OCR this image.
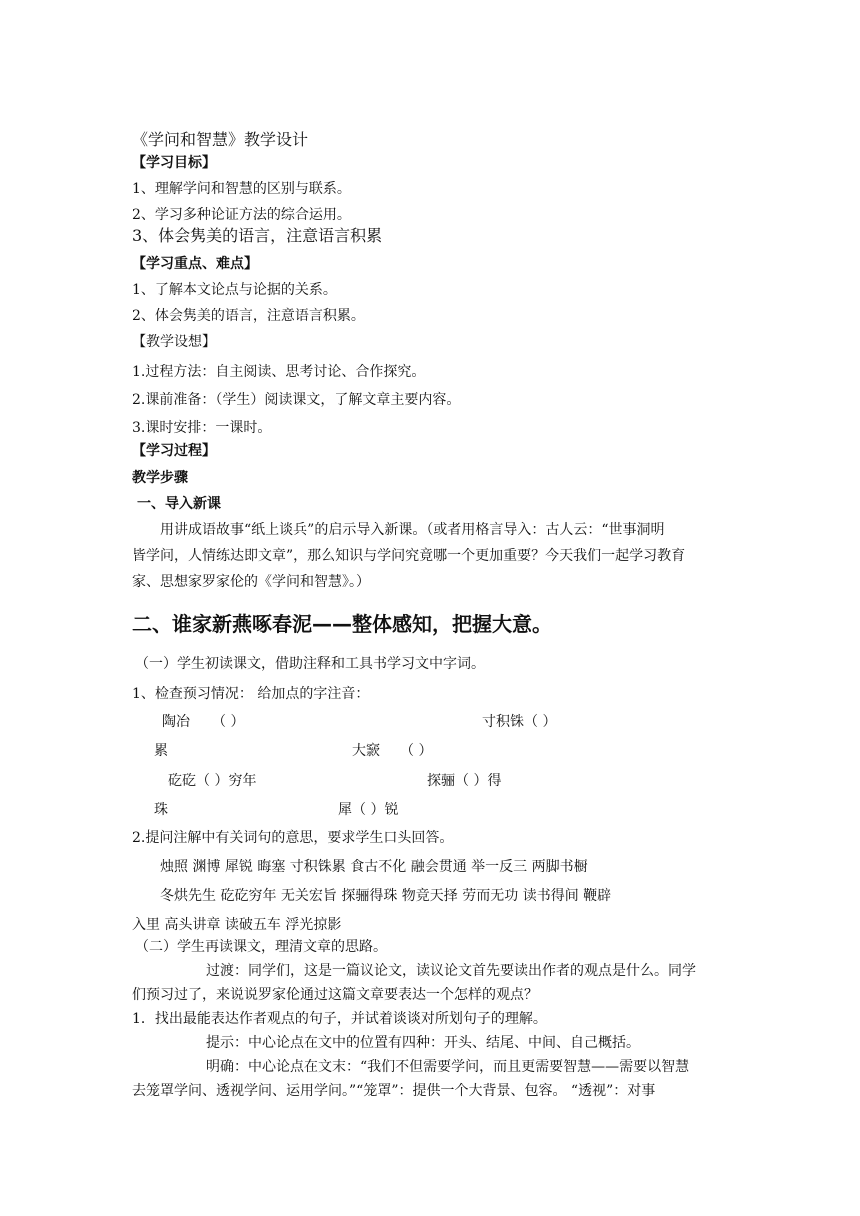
《学问和智慧》教学设计
【学习目标】
1、理解学问和智慧的区别与联系。
2、学习多种论证方法的综合运用。
3、体会隽美的语言，注意语言积累
【学习重点、难点】
1、了解本文论点与论据的关系。
2、体会隽美的语言，注意语言积累。
【教学设想】
1.过程方法：自主阅读、思考讨论、合作探究。
2.课前准备：（学生）阅读课文，了解文章主要内容。
3.课时安排：一课时。
【学习过程】
教学步骤
一、导入新课
用讲成语故事“纸上谈兵”的启示导入新课。（或者用格言导入：古人云：“世事洞明
皆学问，人情练达即文章”，那么知识与学问究竟哪一个更加重要？今天我们一起学习教育
家、思想家罗家伦的《学问和智慧》。）
二、谁家新燕啄春泥——整体感知，把握大意。
（一）学生初读课文，借助注释和工具书学习文中字词。
1、检查预习情况： 给加点的字注音：
陶冶 （ ）	寸积铢（ ）
累	大窾 （ ）
矻矻（ ）穷年	探骊（ ）得
珠	犀（ ）锐
2.提问注解中有关词句的意思，要求学生口头回答。
烛照 渊博 犀锐 晦塞 寸积铢累 食古不化 融会贯通 举一反三 两脚书橱
冬烘先生 矻矻穷年 无关宏旨 探骊得珠 物竞天择 劳而无功 读书得间 鞭辟
入里 高头讲章 读破五车 浮光掠影
（二）学生再读课文，理清文章的思路。
过渡：同学们，这是一篇议论文，读议论文首先要读出作者的观点是什么。同学
们预习过了，来说说罗家伦通过这篇文章要表达一个怎样的观点？
1．找出最能表达作者观点的句子，并试着谈谈对所划句子的理解。
提示：中心论点在文中的位置有四种：开头、结尾、中间、自己概括。
明确：中心论点在文末：“我们不但需要学问，而且更需要智慧——需要以智慧
去笼罩学问、透视学问、运用学问。”“笼罩”：提供一个大背景、包容。 “透视”：对事
